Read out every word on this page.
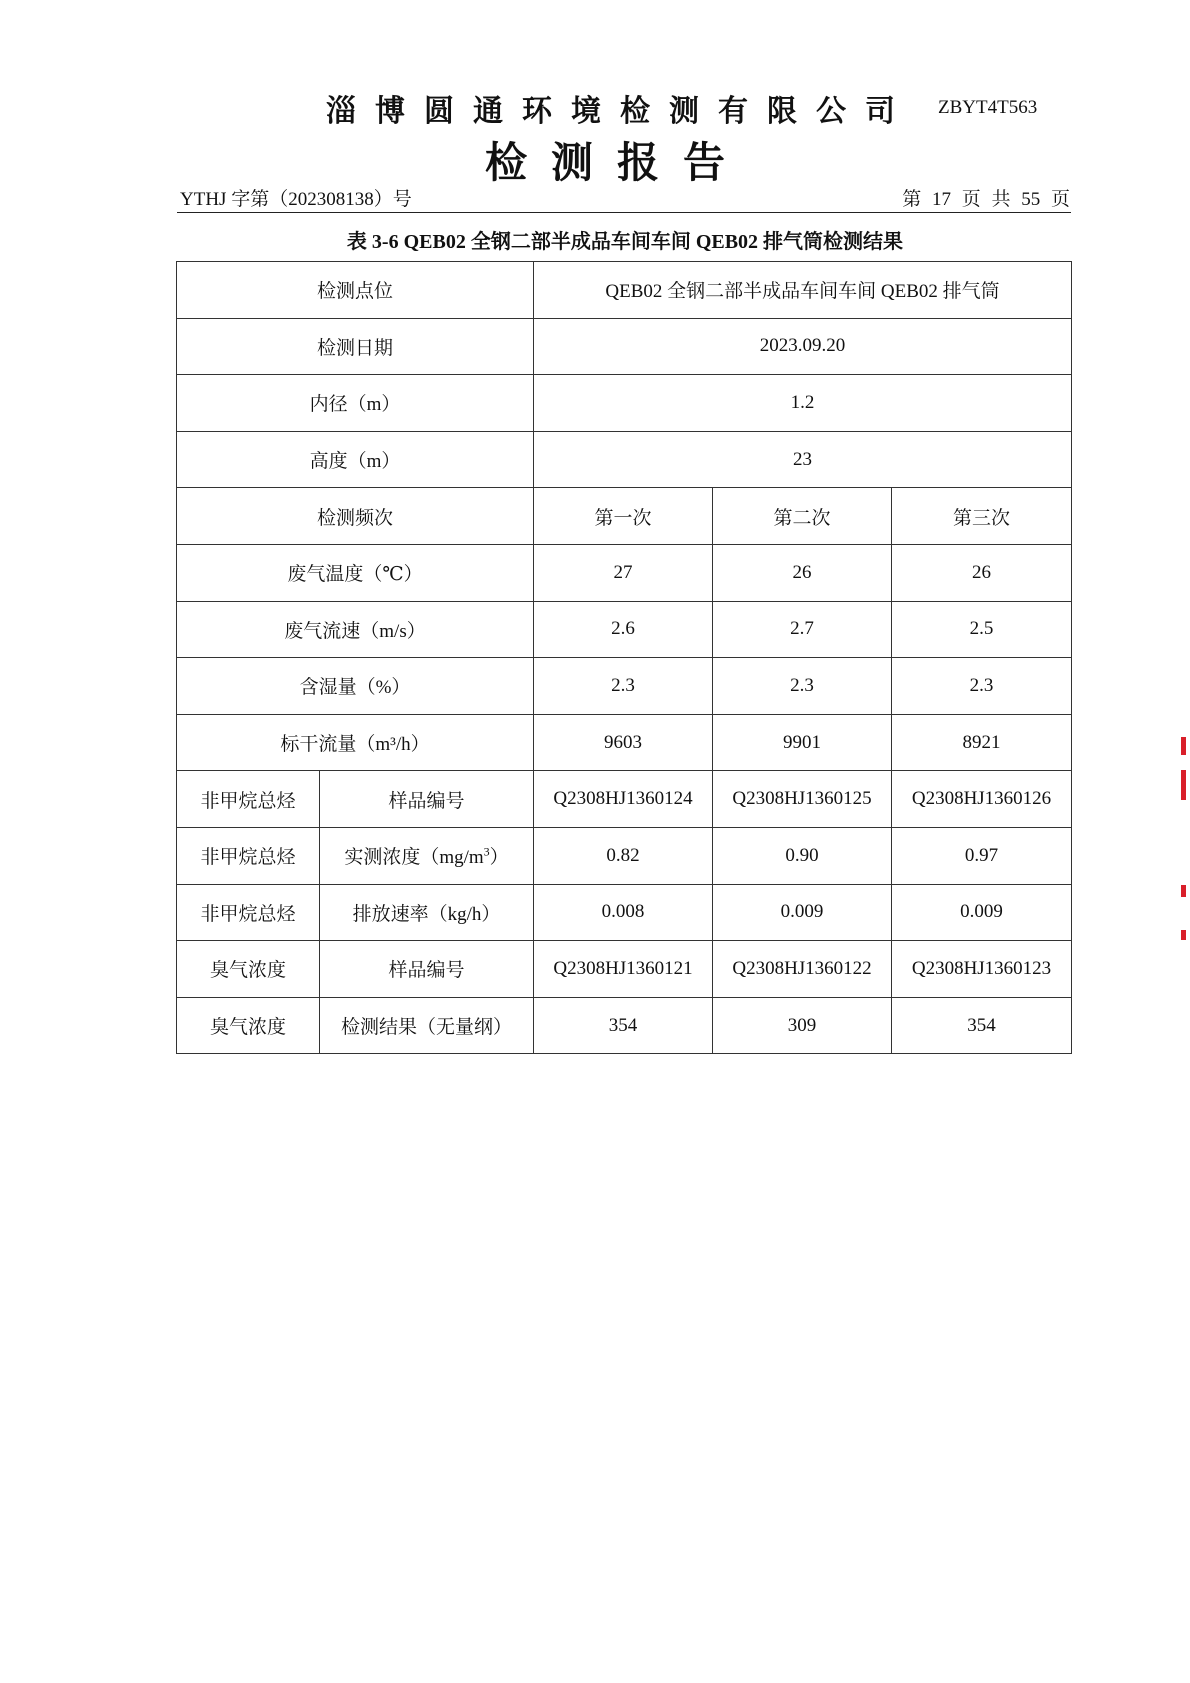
淄博圆通环境检测有限公司 ZBYT4T563
检测报告
YTHJ 字第（202308138）号	第 17 页 共 55 页
表 3-6 QEB02 全钢二部半成品车间车间 QEB02 排气筒检测结果
检测点位		QEB02 全钢二部半成品车间车间 QEB02 排气筒		
检测日期		2023.09.20		
内径（m）		1.2		
高度（m）		23		
检测频次		第一次	第二次	第三次
废气温度（℃）		27	26	26
废气流速（m/s）		2.6	2.7	2.5
含湿量（%）		2.3	2.3	2.3
标干流量（m³/h）		9603	9901	8921
非甲烷总烃	样品编号	Q2308HJ1360124	Q2308HJ1360125	Q2308HJ1360126
非甲烷总烃	实测浓度$(mg/m^3)$	0.82	0.90	0.97
非甲烷总烃	排放速率（kg/h）	0.008	0.009	0.009
臭气浓度	样品编号	Q2308HJ1360121	Q2308HJ1360122	Q2308HJ1360123
臭气浓度	检测结果（无量纲）	354	309	354
